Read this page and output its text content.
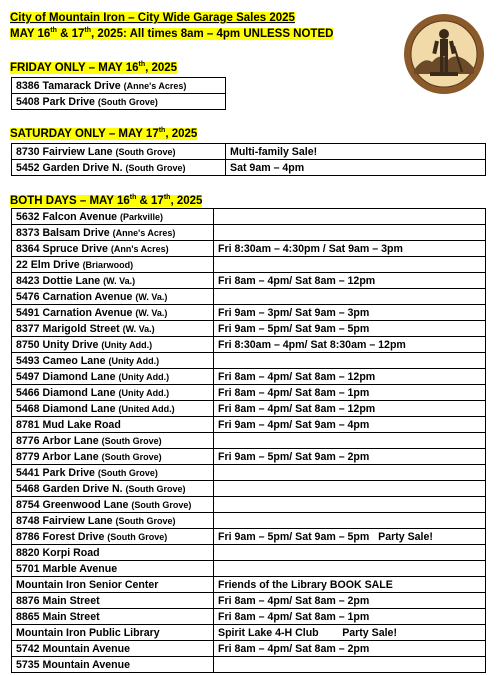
City of Mountain Iron – City Wide Garage Sales 2025
MAY 16th & 17th, 2025: All times 8am – 4pm UNLESS NOTED
FRIDAY ONLY – MAY 16th, 2025
8386 Tamarack Drive (Anne's Acres)
5408 Park Drive (South Grove)
SATURDAY ONLY – MAY 17th, 2025
8730 Fairview Lane (South Grove)	Multi-family Sale!
5452 Garden Drive N. (South Grove)	Sat 9am – 4pm
BOTH DAYS – MAY 16th & 17th, 2025
5632 Falcon Avenue (Parkville)	
8373 Balsam Drive (Anne's Acres)	
8364 Spruce Drive (Ann's Acres)	Fri 8:30am – 4:30pm / Sat 9am – 3pm
22 Elm Drive (Briarwood)	
8423 Dottie Lane (W. Va.)	Fri 8am – 4pm/ Sat 8am – 12pm
5476 Carnation Avenue (W. Va.)	
5491 Carnation Avenue (W. Va.)	Fri 9am – 3pm/ Sat 9am – 3pm
8377 Marigold Street (W. Va.)	Fri 9am – 5pm/ Sat 9am – 5pm
8750 Unity Drive (Unity Add.)	Fri 8:30am – 4pm/ Sat 8:30am – 12pm
5493 Cameo Lane (Unity Add.)	
5497 Diamond Lane (Unity Add.)	Fri 8am – 4pm/ Sat 8am – 12pm
5466 Diamond Lane (Unity Add.)	Fri 8am – 4pm/ Sat 8am – 1pm
5468 Diamond Lane (United Add.)	Fri 8am – 4pm/ Sat 8am – 12pm
8781 Mud Lake Road	Fri 9am – 4pm/ Sat 9am – 4pm
8776 Arbor Lane (South Grove)	
8779 Arbor Lane (South Grove)	Fri 9am – 5pm/ Sat 9am – 2pm
5441 Park Drive (South Grove)	
5468 Garden Drive N. (South Grove)	
8754 Greenwood Lane (South Grove)	
8748 Fairview Lane (South Grove)	
8786 Forest Drive (South Grove)	Fri 9am – 5pm/ Sat 9am – 5pm   Party Sale!
8820 Korpi Road	
5701 Marble Avenue	
Mountain Iron Senior Center	Friends of the Library BOOK SALE
8876 Main Street	Fri 8am – 4pm/ Sat 8am – 2pm
8865 Main Street	Fri 8am – 4pm/ Sat 8am – 1pm
Mountain Iron Public Library	Spirit Lake 4-H Club        Party Sale!
5742 Mountain Avenue	Fri 8am – 4pm/ Sat 8am – 2pm
5735 Mountain Avenue	
